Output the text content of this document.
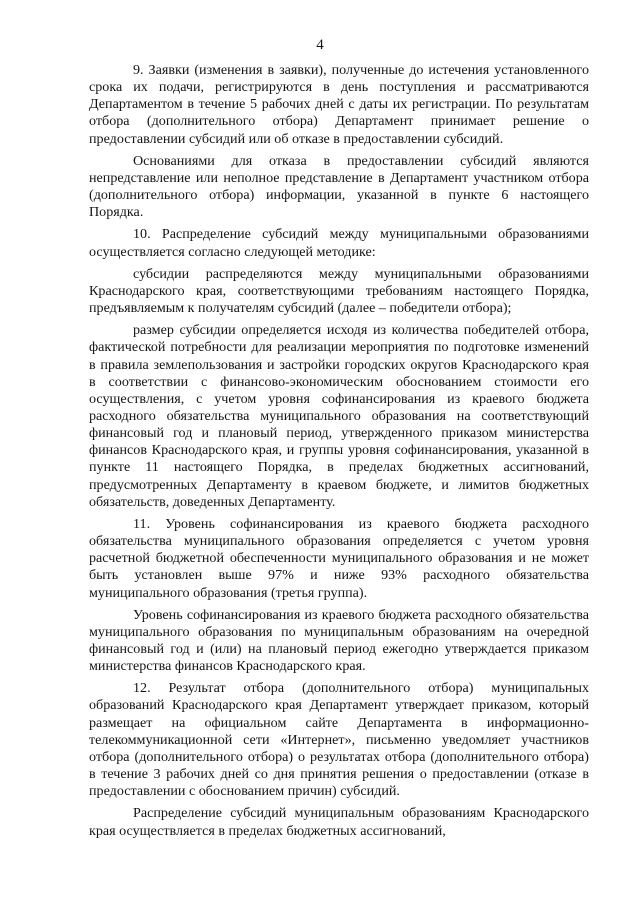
4

9. Заявки (изменения в заявки), полученные до истечения установленного срока их подачи, регистрируются в день поступления и рассматриваются Департаментом в течение 5 рабочих дней с даты их регистрации. По результатам отбора (дополнительного отбора) Департамент принимает решение о предоставлении субсидий или об отказе в предоставлении субсидий.

Основаниями для отказа в предоставлении субсидий являются непредставление или неполное представление в Департамент участником отбора (дополнительного отбора) информации, указанной в пункте 6 настоящего Порядка.

10. Распределение субсидий между муниципальными образованиями осуществляется согласно следующей методике:

субсидии распределяются между муниципальными образованиями Краснодарского края, соответствующими требованиям настоящего Порядка, предъявляемым к получателям субсидий (далее – победители отбора);

размер субсидии определяется исходя из количества победителей отбора, фактической потребности для реализации мероприятия по подготовке изменений в правила землепользования и застройки городских округов Краснодарского края в соответствии с финансово-экономическим обоснованием стоимости его осуществления, с учетом уровня софинансирования из краевого бюджета расходного обязательства муниципального образования на соответствующий финансовый год и плановый период, утвержденного приказом министерства финансов Краснодарского края, и группы уровня софинансирования, указанной в пункте 11 настоящего Порядка, в пределах бюджетных ассигнований, предусмотренных Департаменту в краевом бюджете, и лимитов бюджетных обязательств, доведенных Департаменту.

11. Уровень софинансирования из краевого бюджета расходного обязательства муниципального образования определяется с учетом уровня расчетной бюджетной обеспеченности муниципального образования и не может быть установлен выше 97% и ниже 93% расходного обязательства муниципального образования (третья группа).

Уровень софинансирования из краевого бюджета расходного обязательства муниципального образования по муниципальным образованиям на очередной финансовый год и (или) на плановый период ежегодно утверждается приказом министерства финансов Краснодарского края.

12. Результат отбора (дополнительного отбора) муниципальных образований Краснодарского края Департамент утверждает приказом, который размещает на официальном сайте Департамента в информационно-телекоммуникационной сети «Интернет», письменно уведомляет участников отбора (дополнительного отбора) о результатах отбора (дополнительного отбора) в течение 3 рабочих дней со дня принятия решения о предоставлении (отказе в предоставлении с обоснованием причин) субсидий.

Распределение субсидий муниципальным образованиям Краснодарского края осуществляется в пределах бюджетных ассигнований,
